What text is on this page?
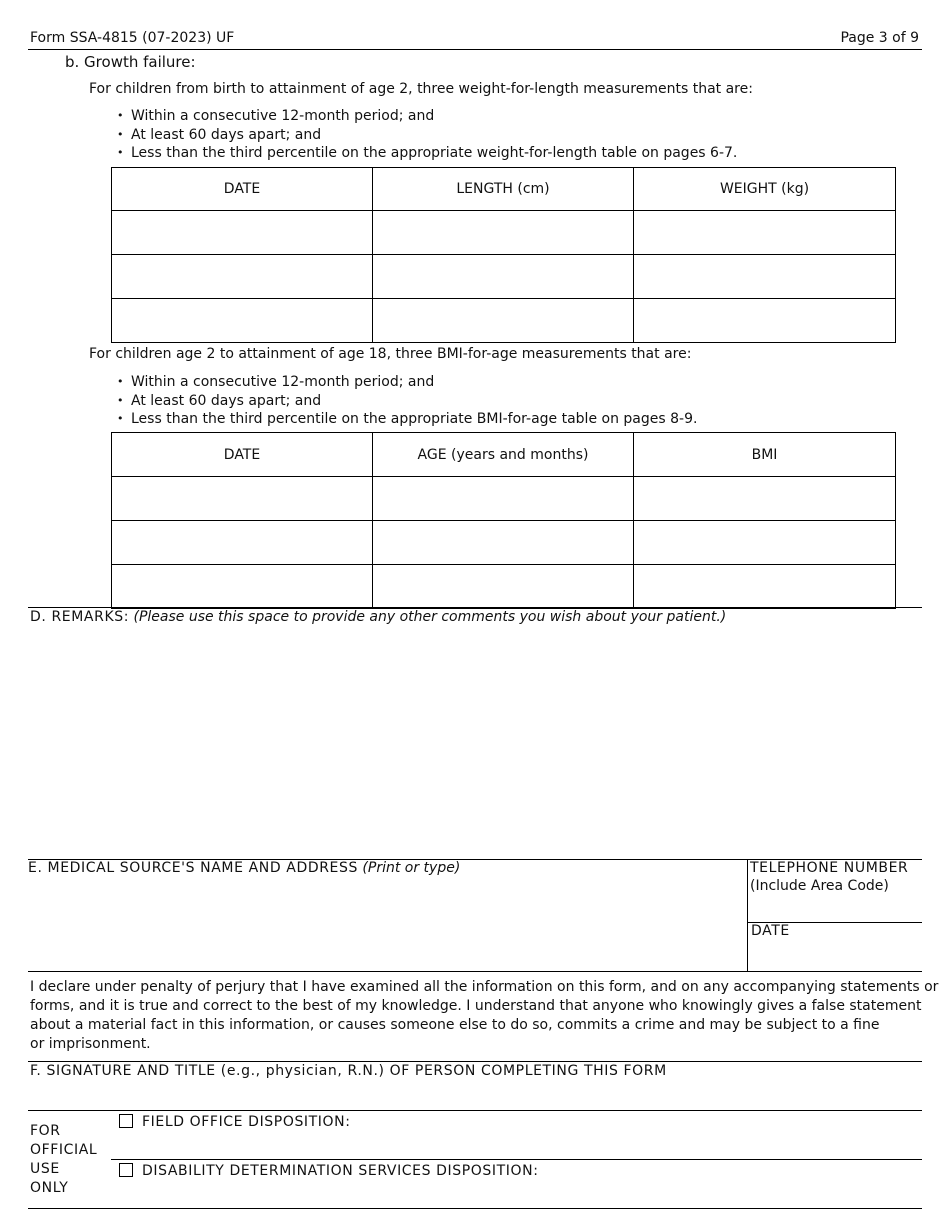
Form SSA-4815 (07-2023) UF	Page 3 of 9
b. Growth failure:
For children from birth to attainment of age 2, three weight-for-length measurements that are:
• Within a consecutive 12-month period; and
• At least 60 days apart; and
• Less than the third percentile on the appropriate weight-for-length table on pages 6-7.
DATE	LENGTH (cm)	WEIGHT (kg)

For children age 2 to attainment of age 18, three BMI-for-age measurements that are:
• Within a consecutive 12-month period; and
• At least 60 days apart; and
• Less than the third percentile on the appropriate BMI-for-age table on pages 8-9.
DATE	AGE (years and months)	BMI

D. REMARKS: (Please use this space to provide any other comments you wish about your patient.)
E. MEDICAL SOURCE'S NAME AND ADDRESS (Print or type)	TELEPHONE NUMBER
(Include Area Code)
DATE
I declare under penalty of perjury that I have examined all the information on this form, and on any accompanying statements or
forms, and it is true and correct to the best of my knowledge. I understand that anyone who knowingly gives a false statement
about a material fact in this information, or causes someone else to do so, commits a crime and may be subject to a fine
or imprisonment.
F. SIGNATURE AND TITLE (e.g., physician, R.N.) OF PERSON COMPLETING THIS FORM
FOR
OFFICIAL
USE
ONLY
FIELD OFFICE DISPOSITION:
DISABILITY DETERMINATION SERVICES DISPOSITION:
